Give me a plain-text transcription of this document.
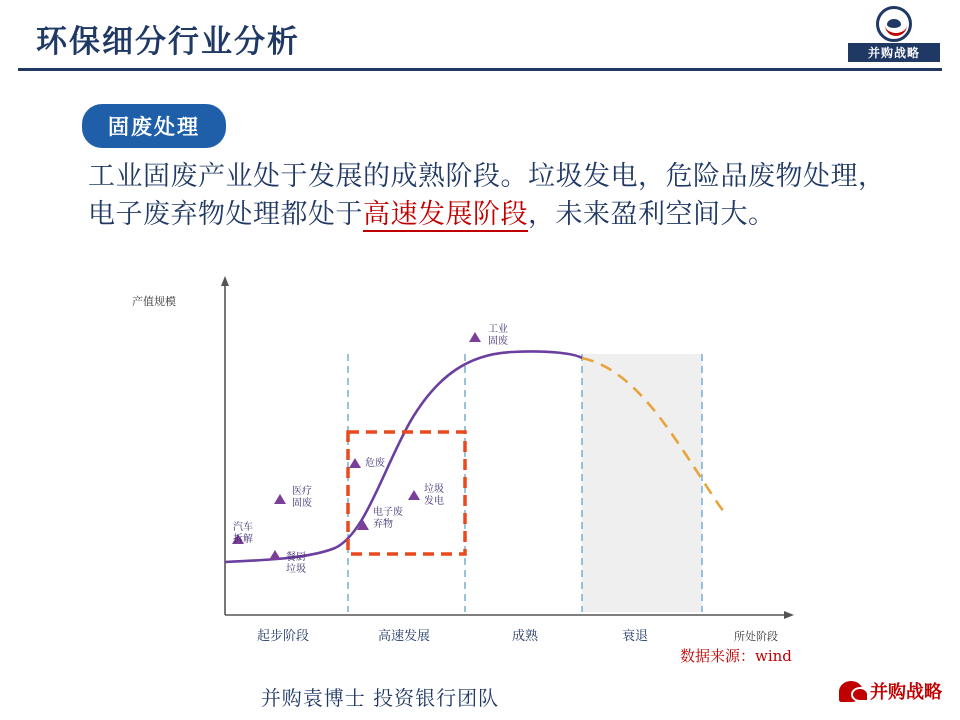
环保细分行业分析	并购战略
固废处理
工业固废产业处于发展的成熟阶段。垃圾发电，危险品废物处理，电子废弃物处理都处于高速发展阶段，未来盈利空间大。
产值规模
所处阶段
危废
垃圾
发电
电子废
弃物
医疗
固废
汽车
拆解
餐厨
垃圾
工业
固废
起步阶段	高速发展	成熟	衰退
数据来源：wind
并购袁博士 投资银行团队	并购战略
